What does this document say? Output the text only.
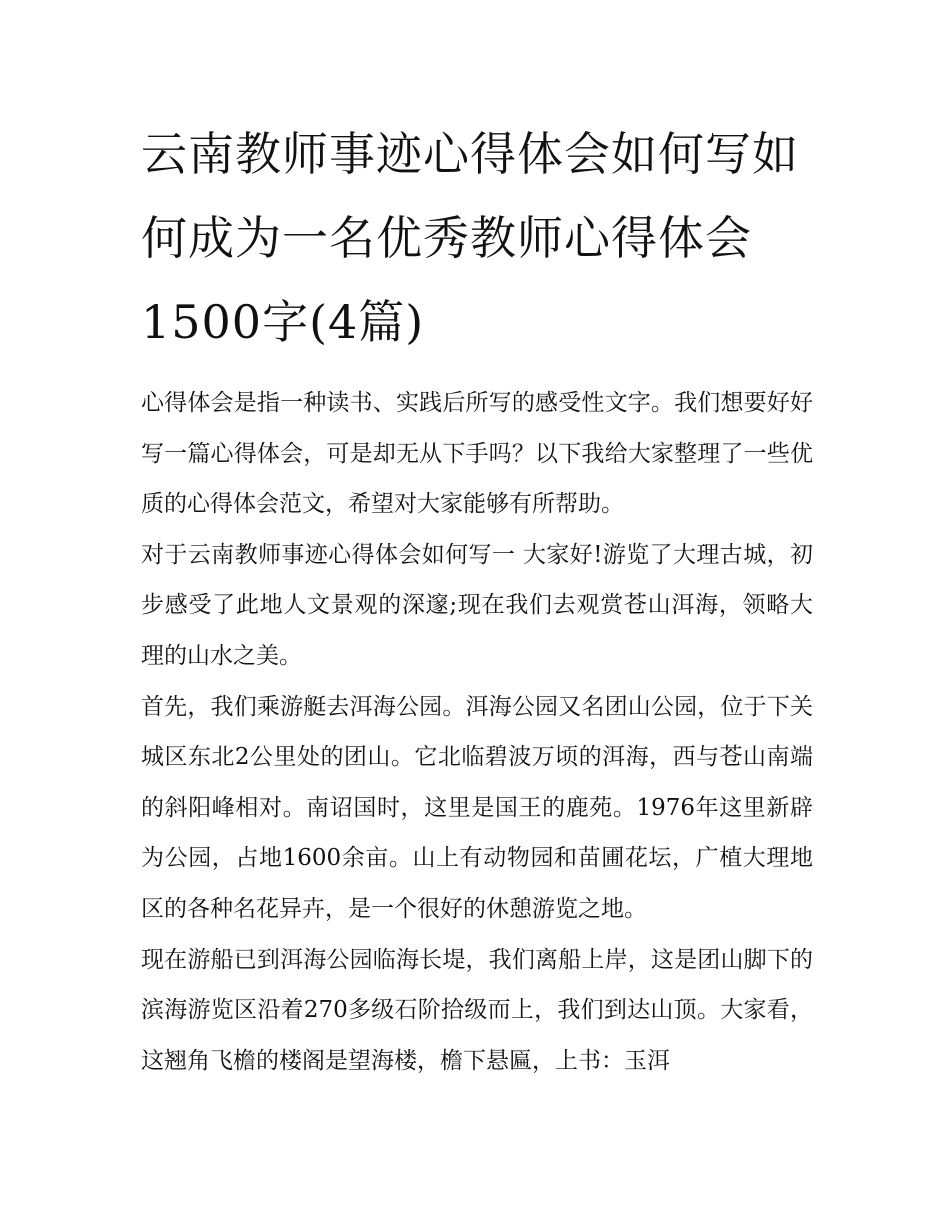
云南教师事迹心得体会如何写如何成为一名优秀教师心得体会1500字(4篇)

心得体会是指一种读书、实践后所写的感受性文字。我们想要好好写一篇心得体会，可是却无从下手吗？以下我给大家整理了一些优质的心得体会范文，希望对大家能够有所帮助。

对于云南教师事迹心得体会如何写一 大家好!游览了大理古城，初步感受了此地人文景观的深邃;现在我们去观赏苍山洱海，领略大理的山水之美。

首先，我们乘游艇去洱海公园。洱海公园又名团山公园，位于下关城区东北2公里处的团山。它北临碧波万顷的洱海，西与苍山南端的斜阳峰相对。南诏国时，这里是国王的鹿苑。1976年这里新辟为公园，占地1600余亩。山上有动物园和苗圃花坛，广植大理地区的各种名花异卉，是一个很好的休憩游览之地。

现在游船已到洱海公园临海长堤，我们离船上岸，这是团山脚下的滨海游览区沿着270多级石阶拾级而上，我们到达山顶。大家看，这翘角飞檐的楼阁是望海楼，檐下悬匾，上书：玉洱
